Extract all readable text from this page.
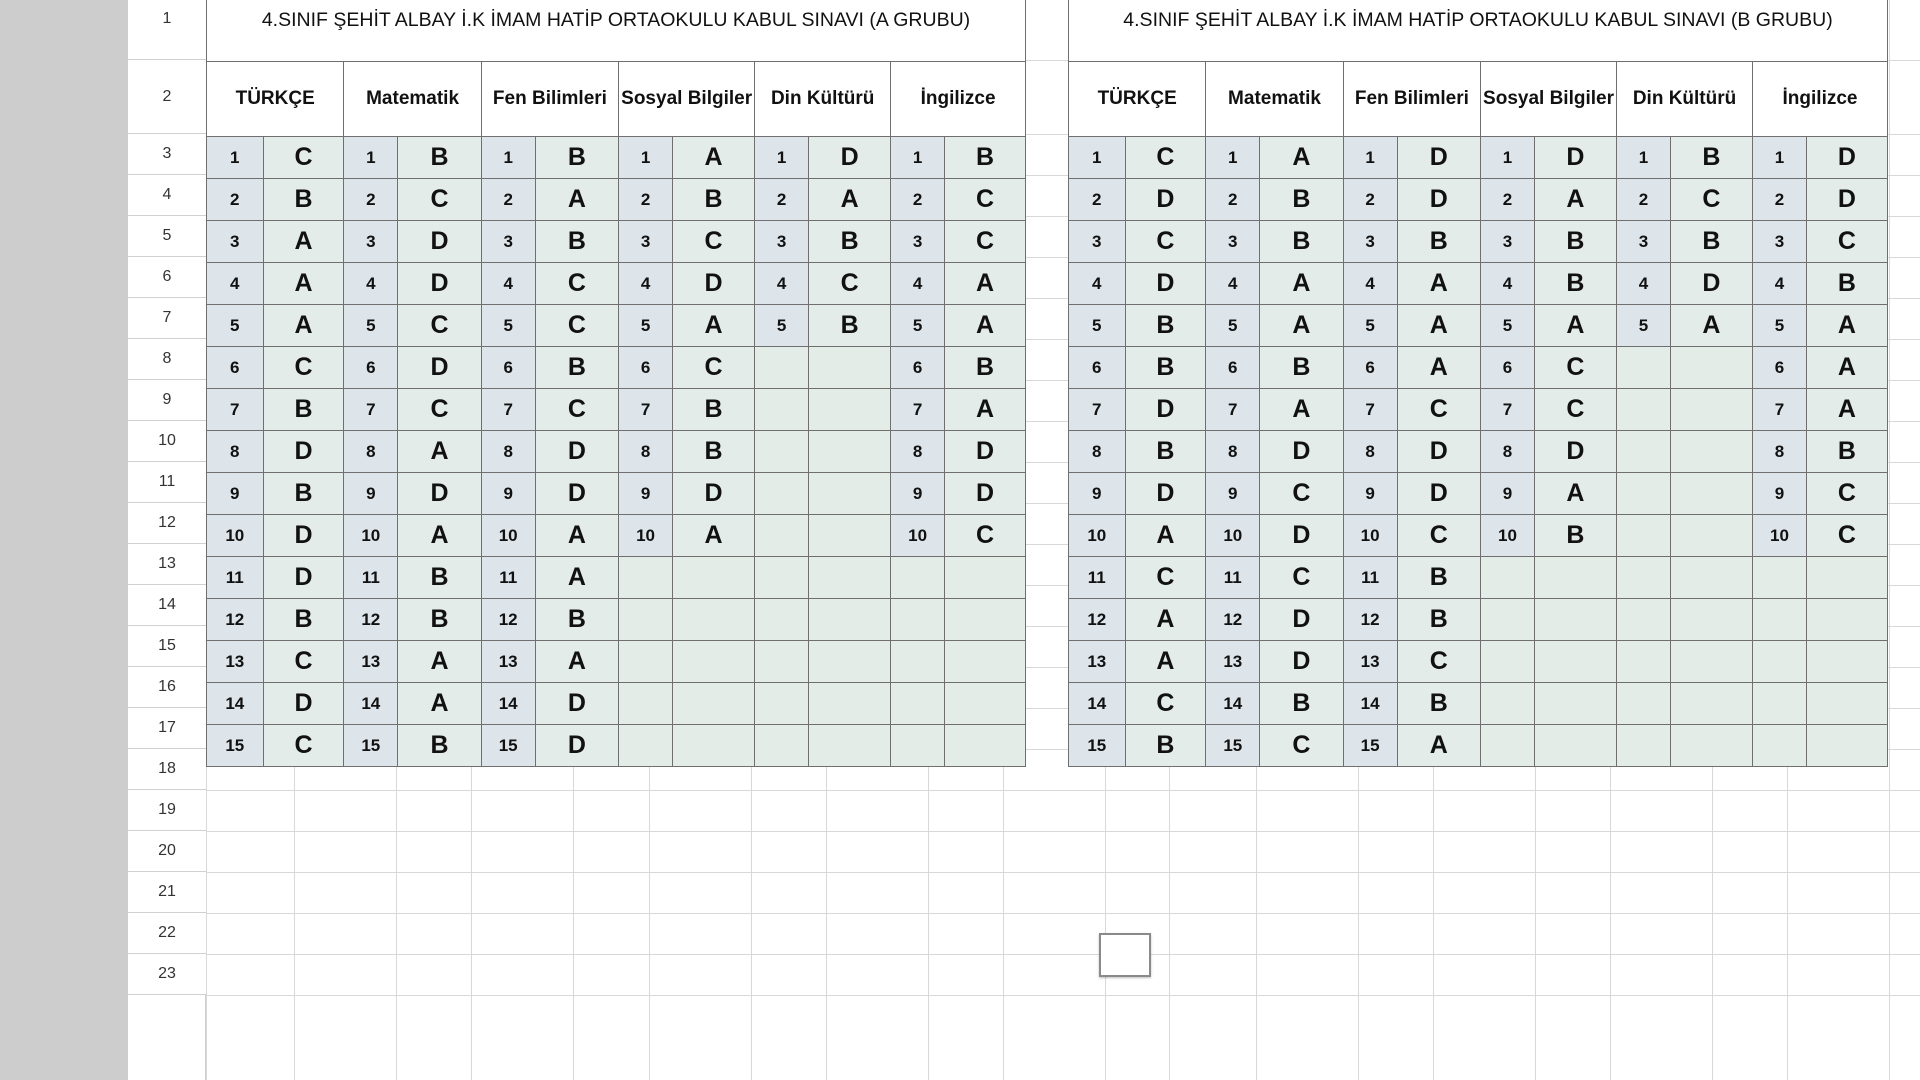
1
2
3
4
5
6
7
8
9
10
11
12
13
14
15
16
17
18
19
20
21
22
23
4.SINIF ŞEHİT ALBAY İ.K İMAM HATİP ORTAOKULU KABUL SINAVI (A GRUBU)											
TÜRKÇE		Matematik		Fen Bilimleri		Sosyal Bilgiler		Din Kültürü		İngilizce	
1	C	1	B	1	B	1	A	1	D	1	B
2	B	2	C	2	A	2	B	2	A	2	C
3	A	3	D	3	B	3	C	3	B	3	C
4	A	4	D	4	C	4	D	4	C	4	A
5	A	5	C	5	C	5	A	5	B	5	A
6	C	6	D	6	B	6	C			6	B
7	B	7	C	7	C	7	B			7	A
8	D	8	A	8	D	8	B			8	D
9	B	9	D	9	D	9	D			9	D
10	D	10	A	10	A	10	A			10	C
11	D	11	B	11	A						
12	B	12	B	12	B						
13	C	13	A	13	A						
14	D	14	A	14	D						
15	C	15	B	15	D						
4.SINIF ŞEHİT ALBAY İ.K İMAM HATİP ORTAOKULU KABUL SINAVI (B GRUBU)											
TÜRKÇE		Matematik		Fen Bilimleri		Sosyal Bilgiler		Din Kültürü		İngilizce	
1	C	1	A	1	D	1	D	1	B	1	D
2	D	2	B	2	D	2	A	2	C	2	D
3	C	3	B	3	B	3	B	3	B	3	C
4	D	4	A	4	A	4	B	4	D	4	B
5	B	5	A	5	A	5	A	5	A	5	A
6	B	6	B	6	A	6	C			6	A
7	D	7	A	7	C	7	C			7	A
8	B	8	D	8	D	8	D			8	B
9	D	9	C	9	D	9	A			9	C
10	A	10	D	10	C	10	B			10	C
11	C	11	C	11	B						
12	A	12	D	12	B						
13	A	13	D	13	C						
14	C	14	B	14	B						
15	B	15	C	15	A						
